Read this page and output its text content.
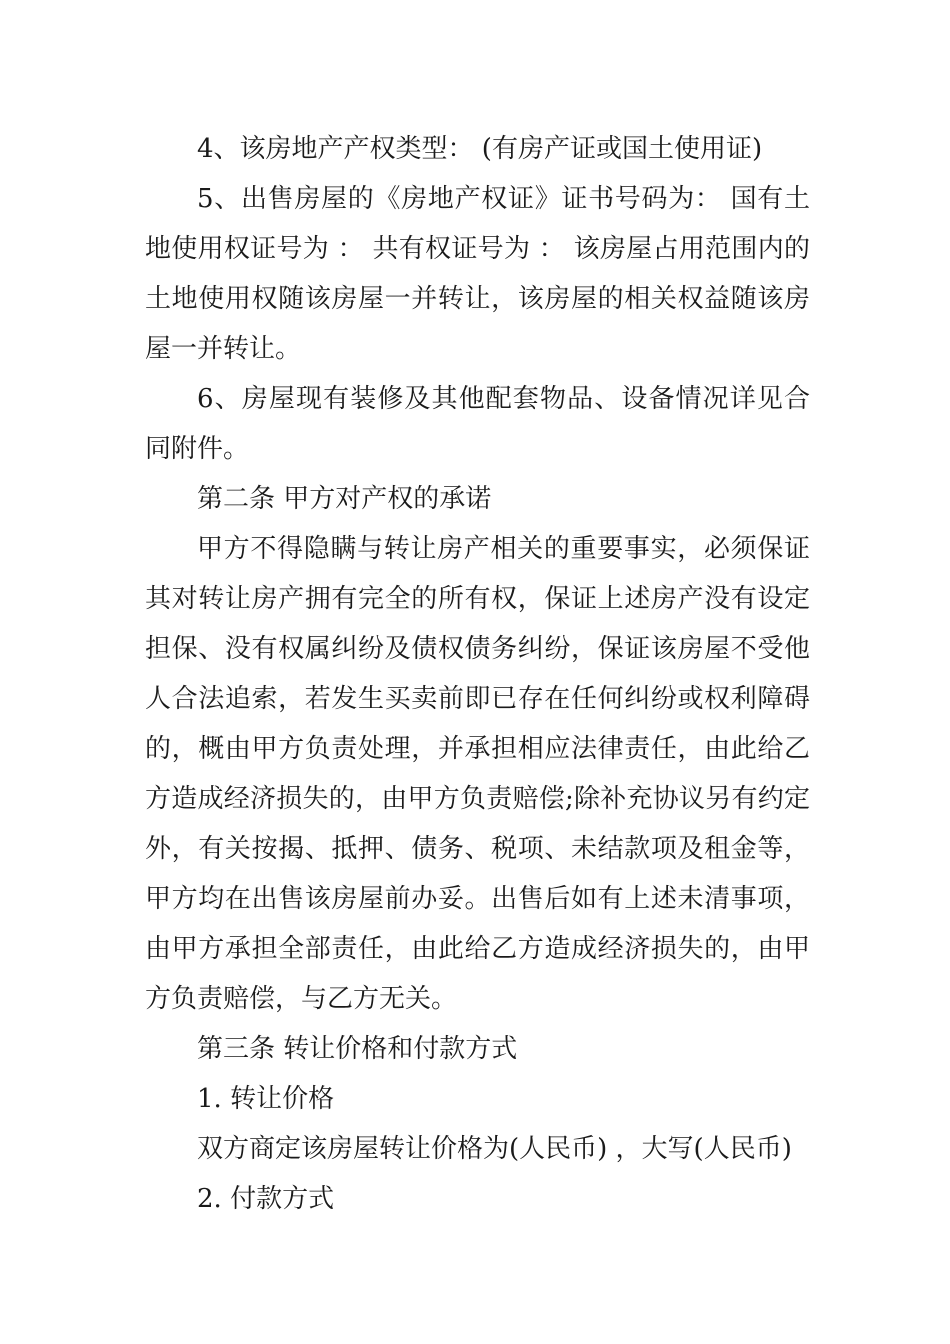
4、该房地产产权类型： (有房产证或国土使用证)

5、出售房屋的《房地产权证》证书号码为： 国有土地使用权证号为 ： 共有权证号为 ： 该房屋占用范围内的土地使用权随该房屋一并转让，该房屋的相关权益随该房屋一并转让。

6、房屋现有装修及其他配套物品、设备情况详见合同附件。

第二条 甲方对产权的承诺

甲方不得隐瞒与转让房产相关的重要事实，必须保证其对转让房产拥有完全的所有权，保证上述房产没有设定担保、没有权属纠纷及债权债务纠纷，保证该房屋不受他人合法追索，若发生买卖前即已存在任何纠纷或权利障碍的，概由甲方负责处理，并承担相应法律责任，由此给乙方造成经济损失的，由甲方负责赔偿;除补充协议另有约定外，有关按揭、抵押、债务、税项、未结款项及租金等，甲方均在出售该房屋前办妥。出售后如有上述未清事项，由甲方承担全部责任，由此给乙方造成经济损失的，由甲方负责赔偿，与乙方无关。

第三条 转让价格和付款方式

1. 转让价格

双方商定该房屋转让价格为(人民币) ，大写(人民币)

2. 付款方式
